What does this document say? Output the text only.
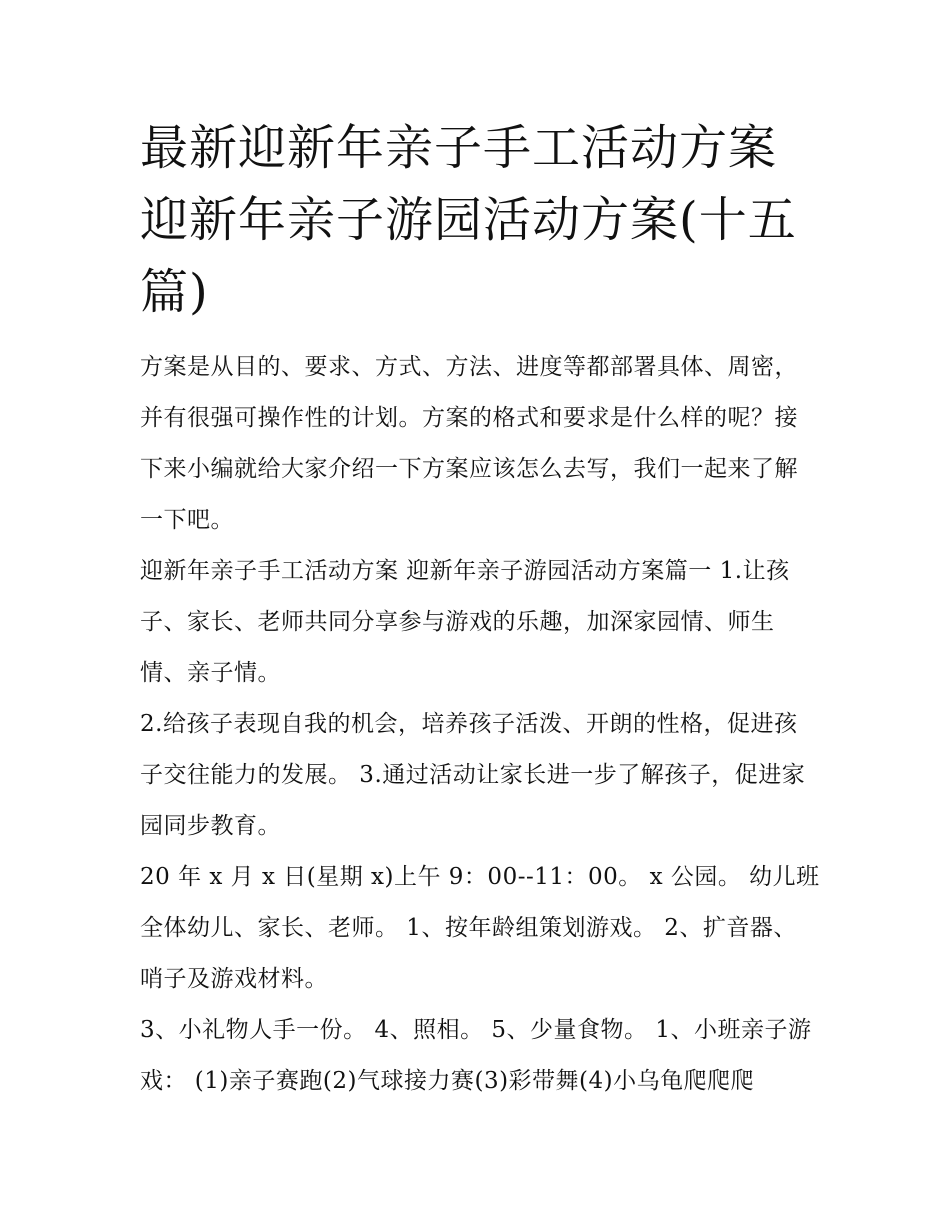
最新迎新年亲子手工活动方案 迎新年亲子游园活动方案(十五篇)

方案是从目的、要求、方式、方法、进度等都部署具体、周密，并有很强可操作性的计划。方案的格式和要求是什么样的呢？接下来小编就给大家介绍一下方案应该怎么去写，我们一起来了解一下吧。

迎新年亲子手工活动方案 迎新年亲子游园活动方案篇一 1.让孩子、家长、老师共同分享参与游戏的乐趣，加深家园情、师生情、亲子情。

2.给孩子表现自我的机会，培养孩子活泼、开朗的性格，促进孩子交往能力的发展。 3.通过活动让家长进一步了解孩子，促进家园同步教育。

20 年 x 月 x 日(星期 x)上午 9：00--11：00。 x 公园。 幼儿班全体幼儿、家长、老师。 1、按年龄组策划游戏。 2、扩音器、哨子及游戏材料。

3、小礼物人手一份。 4、照相。 5、少量食物。 1、小班亲子游戏： (1)亲子赛跑(2)气球接力赛(3)彩带舞(4)小乌龟爬爬爬
